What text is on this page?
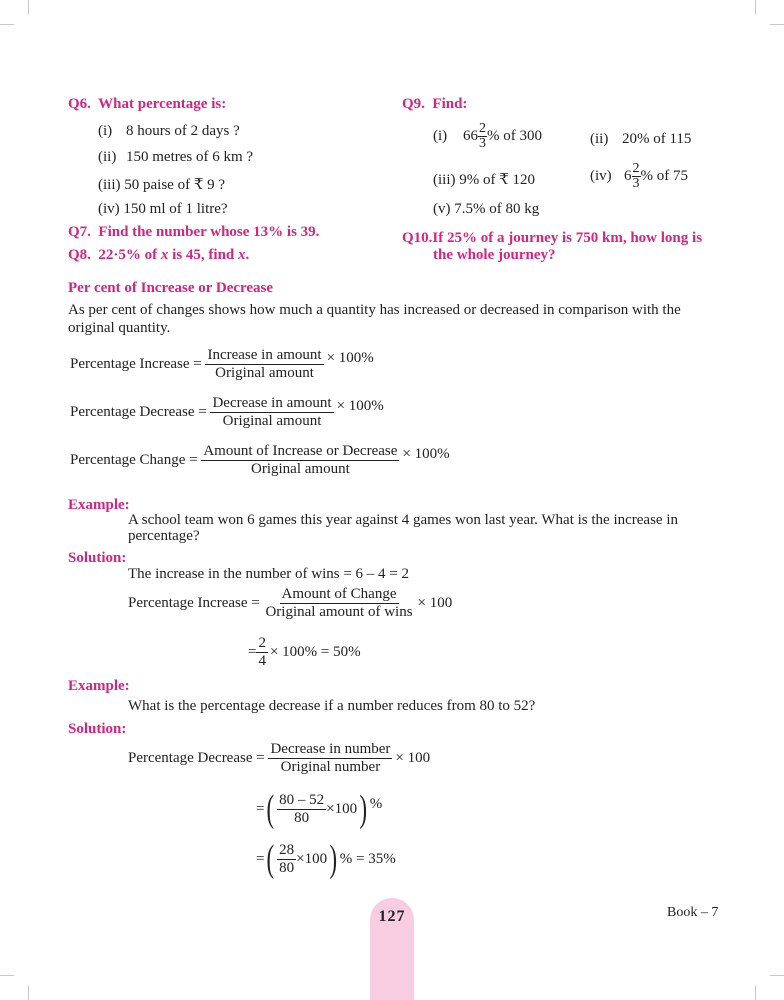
Q6. What percentage is:
(i) 8 hours of 2 days ?
(ii) 150 metres of 6 km ?
(iii) 50 paise of ₹ 9 ?
(iv) 150 ml of 1 litre?
Q7. Find the number whose 13% is 39.
Q8. 22·5% of x is 45, find x.
Q9. Find:
(i)	$66 \frac{2}{3}$ % of 300	(ii) 20% of 115
(iii) 9% of ₹ 120	(iv) $6 \frac{2}{3}$ % of 75
(v) 7.5% of 80 kg
Q10.If 25% of a journey is 750 km, how long is
the whole journey?
Per cent of Increase or Decrease
As per cent of changes shows how much a quantity has increased or decreased in comparison with the
original quantity.
Percentage Increase =
$\frac{\text{Increase in amount}}{\text{Original amount}} \times 100\%$
Percentage Decrease =
$\frac{\text{Decrease in amount}}{\text{Original amount}} \times 100\%$
Percentage Change =
$\frac{\text{Amount of Increase or Decrease}}{\text{Original amount}} \times 100\%$
Example:
A school team won 6 games this year against 4 games won last year. What is the increase in
percentage?
Solution:
The increase in the number of wins = 6 – 4 = 2
Percentage Increase =
$\frac{\text{Amount of Change}}{\text{Original amount of wins}} \times 100$
= $\frac{2}{4} \times 100\% = 50\%$
Example:
What is the percentage decrease if a number reduces from 80 to 52?
Solution:
Percentage Decrease =
$\frac{\text{Decrease in number}}{\text{Original number}} \times 100$
= ( $\frac{80 - 52}{80} \times 100$ ) %
= ( $\frac{28}{80} \times 100$ ) % = 35%
127	Book – 7
